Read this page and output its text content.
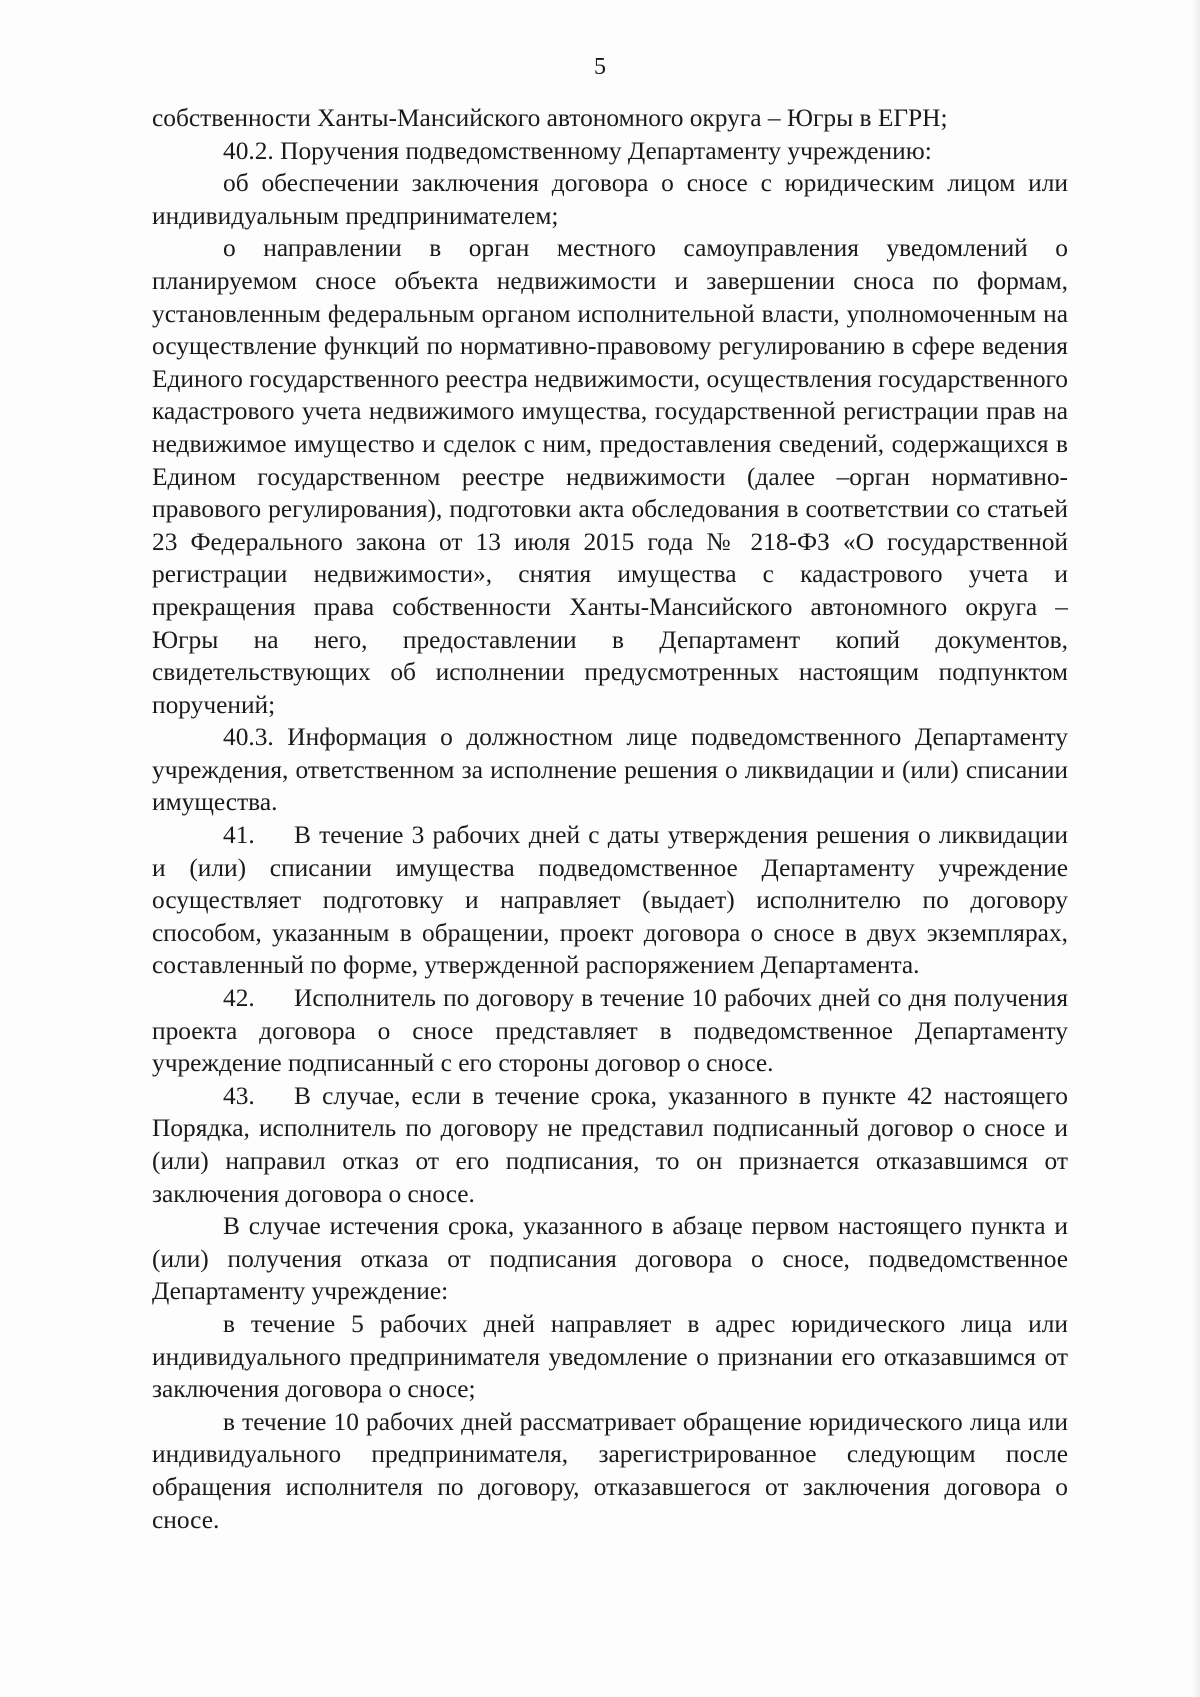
5

собственности Ханты-Мансийского автономного округа – Югры в ЕГРН;

40.2. Поручения подведомственному Департаменту учреждению:

об обеспечении заключения договора о сносе с юридическим лицом или индивидуальным предпринимателем;

о направлении в орган местного самоуправления уведомлений о планируемом сносе объекта недвижимости и завершении сноса по формам, установленным федеральным органом исполнительной власти, уполномоченным на осуществление функций по нормативно-правовому регулированию в сфере ведения Единого государственного реестра недвижимости, осуществления государственного кадастрового учета недвижимого имущества, государственной регистрации прав на недвижимое имущество и сделок с ним, предоставления сведений, содержащихся в Едином государственном реестре недвижимости (далее –орган нормативно-правового регулирования), подготовки акта обследования в соответствии со статьей 23 Федерального закона от 13 июля 2015 года № 218-ФЗ «О государственной регистрации недвижимости», снятия имущества с кадастрового учета и прекращения права собственности Ханты-Мансийского автономного округа – Югры на него, предоставлении в Департамент копий документов, свидетельствующих об исполнении предусмотренных настоящим подпунктом поручений;

40.3. Информация о должностном лице подведомственного Департаменту учреждения, ответственном за исполнение решения о ликвидации и (или) списании имущества.

41. В течение 3 рабочих дней с даты утверждения решения о ликвидации и (или) списании имущества подведомственное Департаменту учреждение осуществляет подготовку и направляет (выдает) исполнителю по договору способом, указанным в обращении, проект договора о сносе в двух экземплярах, составленный по форме, утвержденной распоряжением Департамента.

42. Исполнитель по договору в течение 10 рабочих дней со дня получения проекта договора о сносе представляет в подведомственное Департаменту учреждение подписанный с его стороны договор о сносе.

43. В случае, если в течение срока, указанного в пункте 42 настоящего Порядка, исполнитель по договору не представил подписанный договор о сносе и (или) направил отказ от его подписания, то он признается отказавшимся от заключения договора о сносе.

В случае истечения срока, указанного в абзаце первом настоящего пункта и (или) получения отказа от подписания договора о сносе, подведомственное Департаменту учреждение:

в течение 5 рабочих дней направляет в адрес юридического лица или индивидуального предпринимателя уведомление о признании его отказавшимся от заключения договора о сносе;

в течение 10 рабочих дней рассматривает обращение юридического лица или индивидуального предпринимателя, зарегистрированное следующим после обращения исполнителя по договору, отказавшегося от заключения договора о сносе.
